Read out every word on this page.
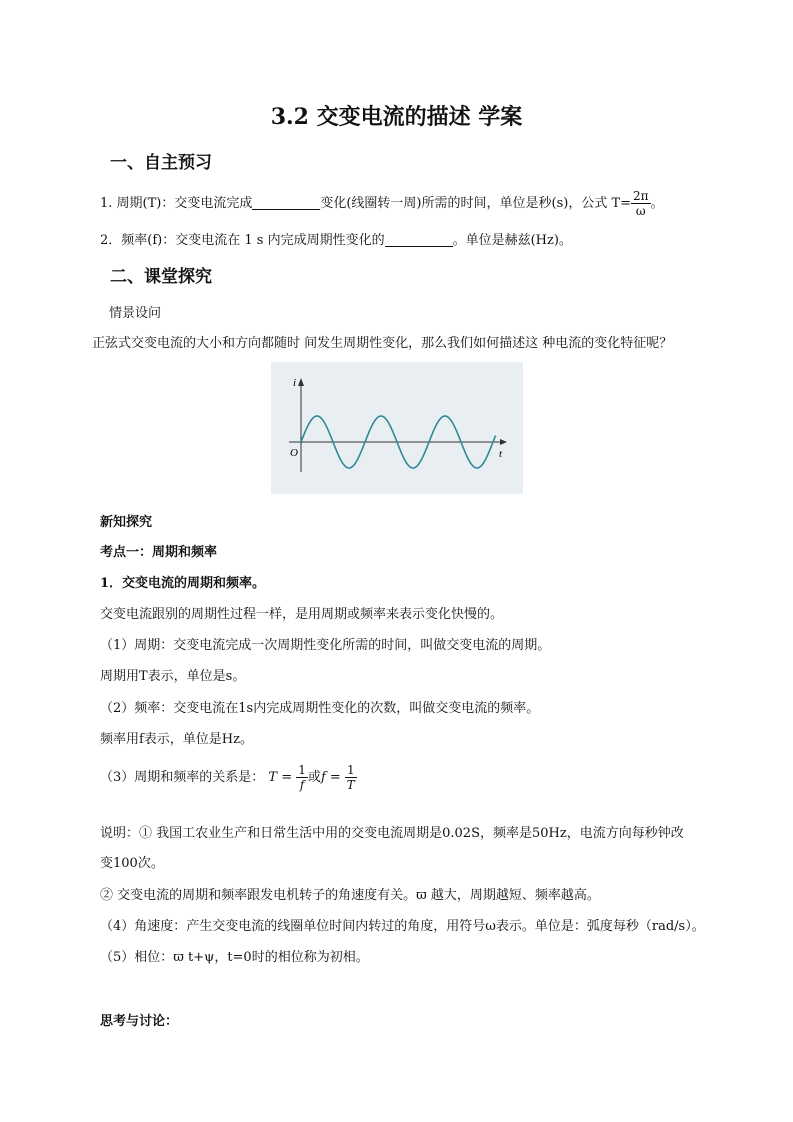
3.2 交变电流的描述 学案
一、自主预习
1. 周期(T)：交变电流完成	变化(线圈转一周)所需的时间，单位是秒(s)，公式 $T= \frac{2\pi}{\omega}$ 。
2．频率(f)：交变电流在 1 s 内完成周期性变化的	。单位是赫兹(Hz)。
二、课堂探究
情景设问
正弦式交变电流的大小和方向都随时 间发生周期性变化，那么我们如何描述这 种电流的变化特征呢？
i
t
O
新知探究
考点一：周期和频率
1．交变电流的周期和频率。
交变电流跟别的周期性过程一样，是用周期或频率来表示变化快慢的。
（1）周期：交变电流完成一次周期性变化所需的时间，叫做交变电流的周期。
周期用T表示，单位是s。
（2）频率：交变电流在1s内完成周期性变化的次数，叫做交变电流的频率。
频率用f表示，单位是Hz。
（3）周期和频率的关系是： $T = \frac{1}{f}$ 或$f = \frac{1}{T}$
说明：① 我国工农业生产和日常生活中用的交变电流周期是0.02S，频率是50Hz，电流方向每秒钟改
变100次。
② 交变电流的周期和频率跟发电机转子的角速度有关。ϖ 越大，周期越短、频率越高。
（4）角速度：产生交变电流的线圈单位时间内转过的角度，用符号ω表示。单位是：弧度每秒（rad/s）。
（5）相位：ϖ t+ψ，t=0时的相位称为初相。
思考与讨论：
